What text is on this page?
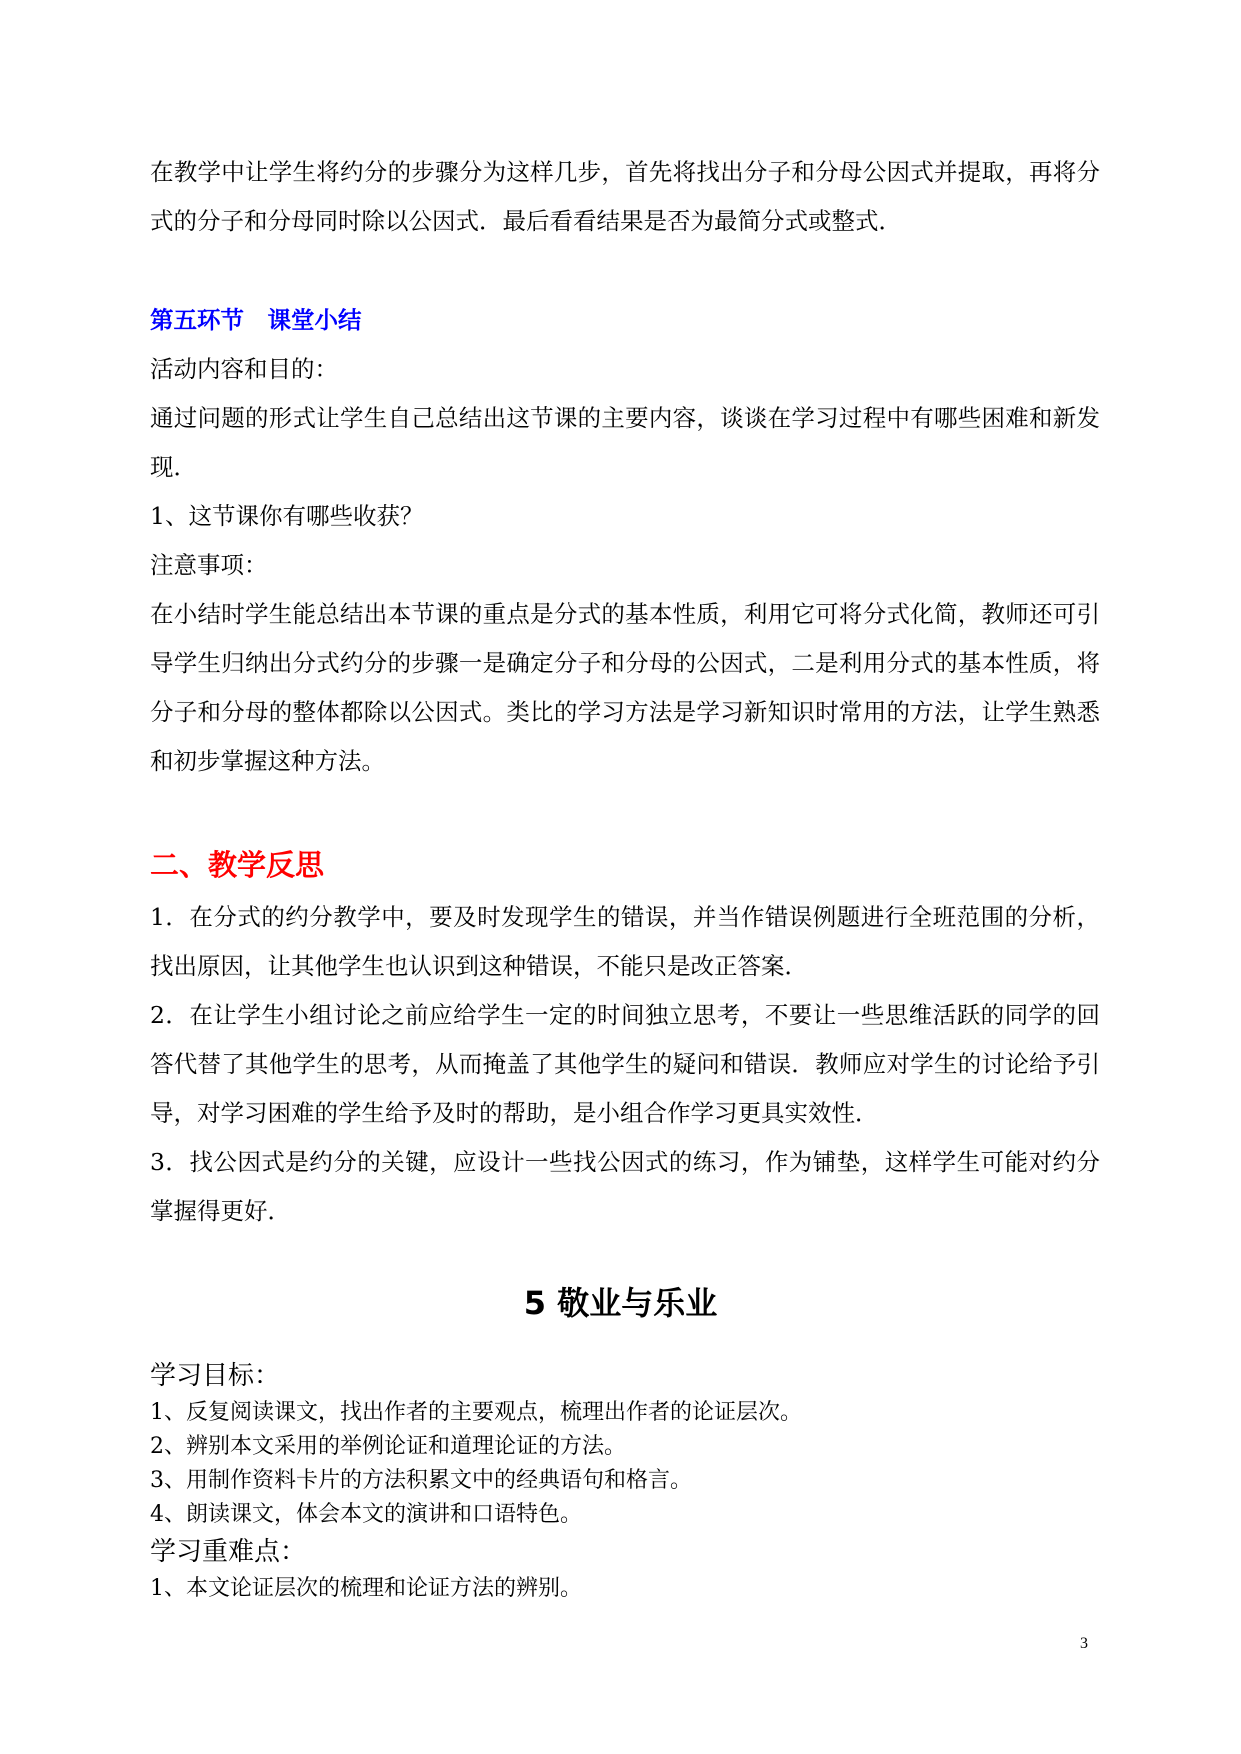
在教学中让学生将约分的步骤分为这样几步，首先将找出分子和分母公因式并提取，再将分式的分子和分母同时除以公因式．最后看看结果是否为最简分式或整式．

第五环节　课堂小结

活动内容和目的：

通过问题的形式让学生自己总结出这节课的主要内容，谈谈在学习过程中有哪些困难和新发现．

1、这节课你有哪些收获？

注意事项：

在小结时学生能总结出本节课的重点是分式的基本性质，利用它可将分式化简，教师还可引导学生归纳出分式约分的步骤一是确定分子和分母的公因式，二是利用分式的基本性质，将分子和分母的整体都除以公因式。类比的学习方法是学习新知识时常用的方法，让学生熟悉和初步掌握这种方法。

二、教学反思

1．在分式的约分教学中，要及时发现学生的错误，并当作错误例题进行全班范围的分析，找出原因，让其他学生也认识到这种错误，不能只是改正答案．

2．在让学生小组讨论之前应给学生一定的时间独立思考，不要让一些思维活跃的同学的回答代替了其他学生的思考，从而掩盖了其他学生的疑问和错误．教师应对学生的讨论给予引导，对学习困难的学生给予及时的帮助，是小组合作学习更具实效性．

3．找公因式是约分的关键，应设计一些找公因式的练习，作为铺垫，这样学生可能对约分掌握得更好．

5 敬业与乐业

学习目标：

1、反复阅读课文，找出作者的主要观点，梳理出作者的论证层次。

2、辨别本文采用的举例论证和道理论证的方法。

3、用制作资料卡片的方法积累文中的经典语句和格言。

4、朗读课文，体会本文的演讲和口语特色。

学习重难点：

1、本文论证层次的梳理和论证方法的辨别。

3
